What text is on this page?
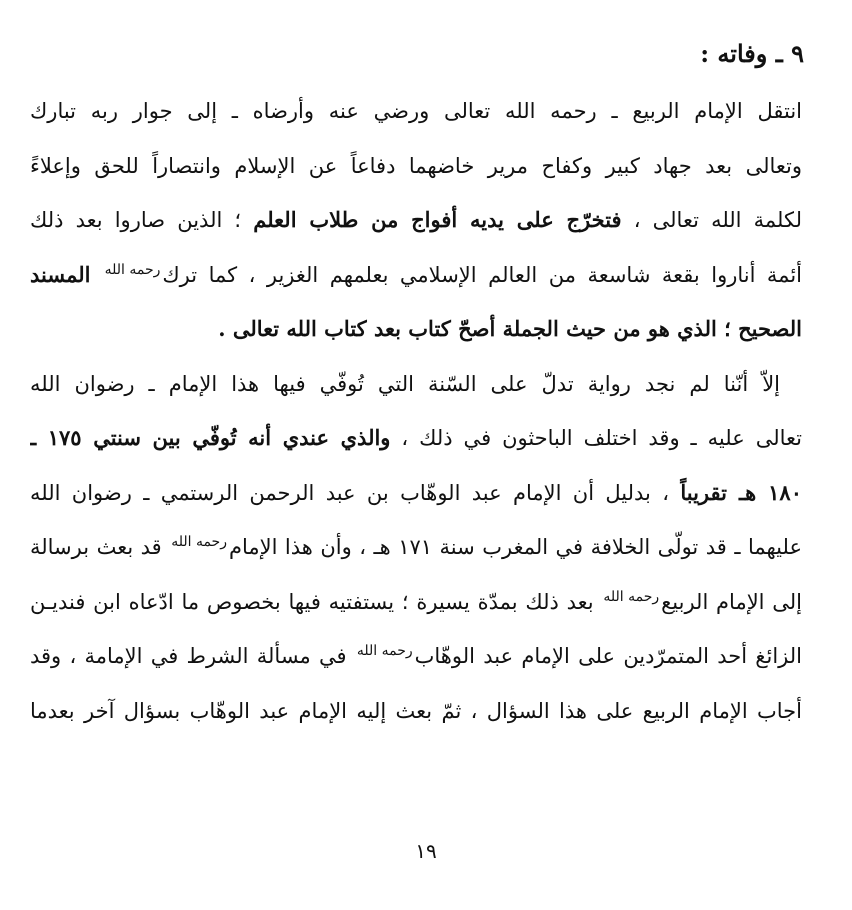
٩ ـ وفاته :
انتقل الإمام الربيع ـ رحمه الله تعالى ورضي عنه وأرضاه ـ إلى جوار ربه تبارك
وتعالى بعد جهاد كبير وكفاح مرير خاضهما دفاعاً عن الإسلام وانتصاراً للحق وإعلاءً
لكلمة الله تعالى ، فتخرّج على يديه أفواج من طلاب العلم ؛ الذين صاروا بعد ذلك
أئمة أناروا بقعة شاسعة من العالم الإسلامي بعلمهم الغزير ، كما تركرحمه الله المسند
الصحيح ؛ الذي هو من حيث الجملة أصحّ كتاب بعد كتاب الله تعالى .
إلاّ أنّنا لم نجد رواية تدلّ على السّنة التي تُوفّي فيها هذا الإمام ـ رضوان الله
تعالى عليه ـ وقد اختلف الباحثون في ذلك ، والذي عندي أنه تُوفّي بين سنتي ١٧٥ ـ
١٨٠ هـ تقريباً ، بدليل أن الإمام عبد الوهّاب بن عبد الرحمن الرستمي ـ رضوان الله
عليهما ـ قد تولّى الخلافة في المغرب سنة ١٧١ هـ ، وأن هذا الإمامرحمه الله قد بعث برسالة
إلى الإمام الربيعرحمه الله بعد ذلك بمدّة يسيرة ؛ يستفتيه فيها بخصوص ما ادّعاه ابن فنديـن
الزائغ أحد المتمرّدين على الإمام عبد الوهّابرحمه الله في مسألة الشرط في الإمامة ، وقد
أجاب الإمام الربيع على هذا السؤال ، ثمّ بعث إليه الإمام عبد الوهّاب بسؤال آخر بعدما
١٩
